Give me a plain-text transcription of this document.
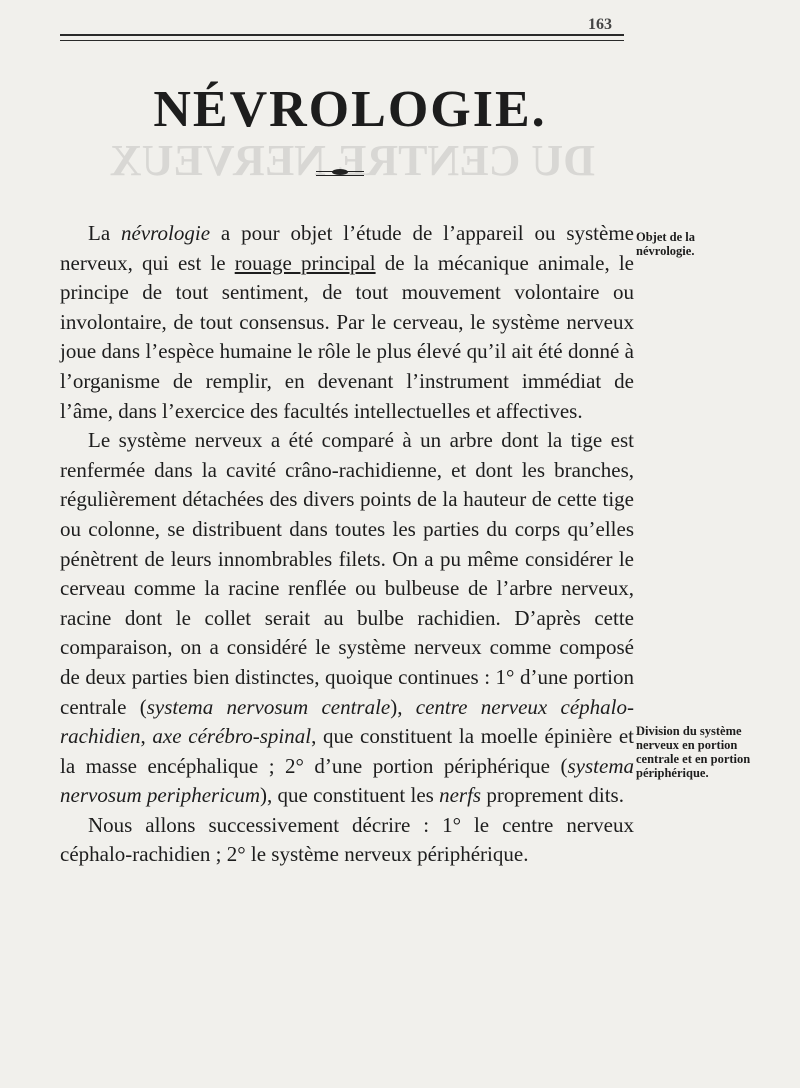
DU CENTRE NERVEUX
163
NÉVROLOGIE.

La névrologie a pour objet l’étude de l’appareil ou système nerveux, qui est le rouage principal de la mécanique animale, le principe de tout sentiment, de tout mouvement volontaire ou involontaire, de tout consensus. Par le cerveau, le système nerveux joue dans l’espèce humaine le rôle le plus élevé qu’il ait été donné à l’organisme de remplir, en devenant l’instrument immédiat de l’âme, dans l’exercice des facultés intellectuelles et affectives.

Le système nerveux a été comparé à un arbre dont la tige est renfermée dans la cavité crâno-rachidienne, et dont les branches, régulièrement détachées des divers points de la hauteur de cette tige ou colonne, se distribuent dans toutes les parties du corps qu’elles pénètrent de leurs innombrables filets. On a pu même considérer le cerveau comme la racine renflée ou bulbeuse de l’arbre nerveux, racine dont le collet serait au bulbe rachidien. D’après cette comparaison, on a considéré le système nerveux comme composé de deux parties bien distinctes, quoique continues : 1° d’une portion centrale (systema nervosum centrale), centre nerveux céphalo-rachidien, axe cérébro-spinal, que constituent la moelle épinière et la masse encéphalique ; 2° d’une portion périphérique (systema nervosum periphericum), que constituent les nerfs proprement dits.

Nous allons successivement décrire : 1° le centre nerveux céphalo-rachidien ; 2° le système nerveux périphérique.

Objet de la névrologie.
Division du système nerveux en portion centrale et en portion périphérique.
